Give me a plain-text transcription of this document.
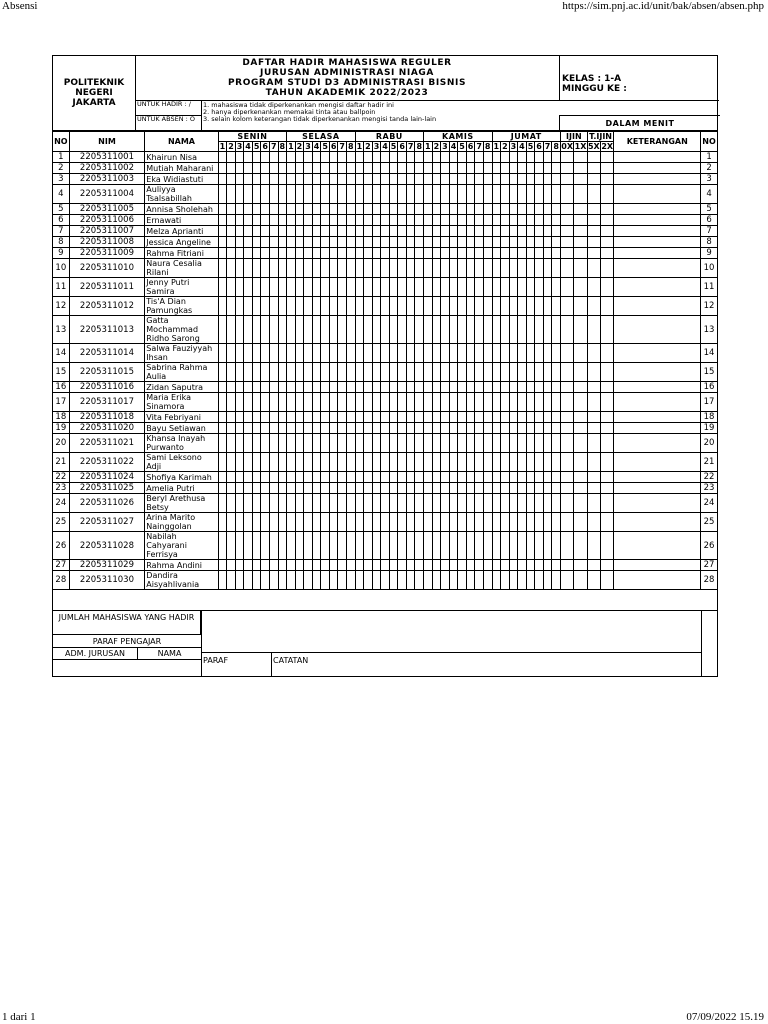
Absensi	https://sim.pnj.ac.id/unit/bak/absen/absen.php
POLITEKNIK
NEGERI
JAKARTA
DAFTAR HADIR MAHASISWA REGULER
JURUSAN ADMINISTRASI NIAGA
PROGRAM STUDI D3 ADMINISTRASI BISNIS
TAHUN AKADEMIK 2022/2023
KELAS : 1-A
MINGGU KE :
UNTUK HADIR : /
UNTUK ABSEN : O
1. mahasiswa tidak diperkenankan mengisi daftar hadir ini
2. hanya diperkenankan memakai tinta atau ballpoin
3. selain kolom keterangan tidak diperkenankan mengisi tanda lain-lain	DALAM MENIT
NO	NIM	NAMA	SENIN								SELASA								RABU								KAMIS								JUMAT								IJIN		T.IJIN		KETERANGAN	NO
			1	2	3	4	5	6	7	8	1	2	3	4	5	6	7	8	1	2	3	4	5	6	7	8	1	2	3	4	5	6	7	8	1	2	3	4	5	6	7	8	0X	1X	5X	2X		
1	2205311001	Khairun Nisa																																														1
2	2205311002	Mutiah Maharani																																														2
3	2205311003	Eka Widiastuti																																														3
4	2205311004	Auliyya Tsalsabillah																																														4
5	2205311005	Annisa Sholehah																																														5
6	2205311006	Ernawati																																														6
7	2205311007	Melza Aprianti																																														7
8	2205311008	Jessica Angeline																																														8
9	2205311009	Rahma Fitriani																																														9
10	2205311010	Naura Cesalia Rilani																																														10
11	2205311011	Jenny Putri Samira																																														11
12	2205311012	Tis'A Dian Pamungkas																																														12
13	2205311013	Gatta Mochammad Ridho Sarong																																														13
14	2205311014	Salwa Fauziyyah Ihsan																																														14
15	2205311015	Sabrina Rahma Aulia																																														15
16	2205311016	Zidan Saputra																																														16
17	2205311017	Maria Erika Sinamora																																														17
18	2205311018	Vita Febriyani																																														18
19	2205311020	Bayu Setiawan																																														19
20	2205311021	Khansa Inayah Purwanto																																														20
21	2205311022	Sami Leksono Adji																																														21
22	2205311024	Shofiya Karimah																																														22
23	2205311025	Amelia Putri																																														23
24	2205311026	Beryl Arethusa Betsy																																														24
25	2205311027	Arina Marito Nainggolan																																														25
26	2205311028	Nabilah Cahyarani Ferrisya																																														26
27	2205311029	Rahma Andini																																														27
28	2205311030	Dandira Aisyahlivania																																														28
JUMLAH MAHASISWA YANG HADIR
PARAF PENGAJAR
ADM. JURUSAN	NAMA
PARAF	CATATAN
1 dari 1	07/09/2022 15.19
